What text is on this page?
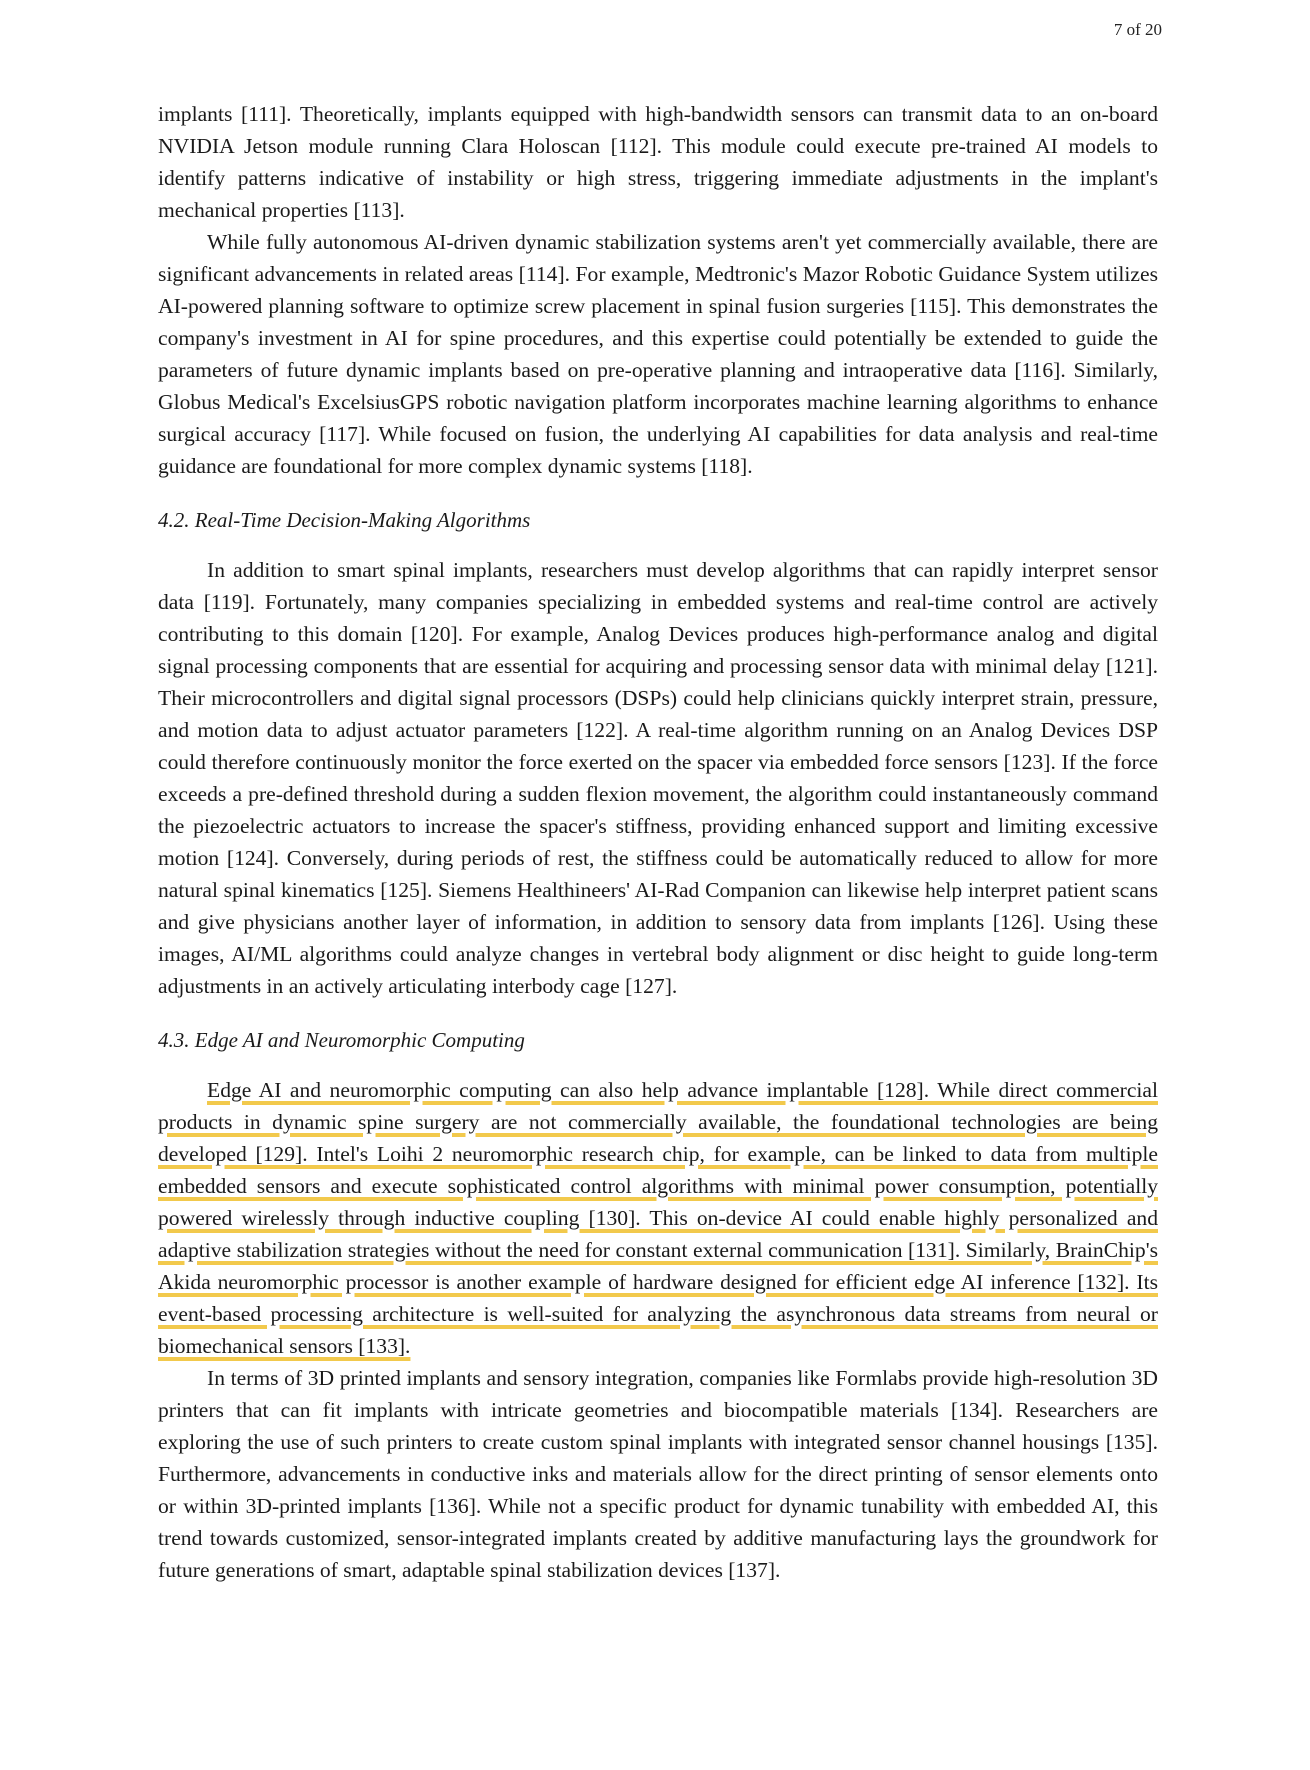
7 of 20

implants [111]. Theoretically, implants equipped with high-bandwidth sensors can transmit data to an on-board NVIDIA Jetson module running Clara Holoscan [112]. This module could execute pre-trained AI models to identify patterns indicative of instability or high stress, triggering immediate adjustments in the implant's mechanical properties [113].

While fully autonomous AI-driven dynamic stabilization systems aren't yet commercially available, there are significant advancements in related areas [114]. For example, Medtronic's Mazor Robotic Guidance System utilizes AI-powered planning software to optimize screw placement in spinal fusion surgeries [115]. This demonstrates the company's investment in AI for spine procedures, and this expertise could potentially be extended to guide the parameters of future dynamic implants based on pre-operative planning and intraoperative data [116]. Similarly, Globus Medical's ExcelsiusGPS robotic navigation platform incorporates machine learning algorithms to enhance surgical accuracy [117]. While focused on fusion, the underlying AI capabilities for data analysis and real-time guidance are foundational for more complex dynamic systems [118].

4.2. Real-Time Decision-Making Algorithms

In addition to smart spinal implants, researchers must develop algorithms that can rapidly interpret sensor data [119]. Fortunately, many companies specializing in embedded systems and real-time control are actively contributing to this domain [120]. For example, Analog Devices produces high-performance analog and digital signal processing components that are essential for acquiring and processing sensor data with minimal delay [121]. Their microcontrollers and digital signal processors (DSPs) could help clinicians quickly interpret strain, pressure, and motion data to adjust actuator parameters [122]. A real-time algorithm running on an Analog Devices DSP could therefore continuously monitor the force exerted on the spacer via embedded force sensors [123]. If the force exceeds a pre-defined threshold during a sudden flexion movement, the algorithm could instantaneously command the piezoelectric actuators to increase the spacer's stiffness, providing enhanced support and limiting excessive motion [124]. Conversely, during periods of rest, the stiffness could be automatically reduced to allow for more natural spinal kinematics [125]. Siemens Healthineers' AI-Rad Companion can likewise help interpret patient scans and give physicians another layer of information, in addition to sensory data from implants [126]. Using these images, AI/ML algorithms could analyze changes in vertebral body alignment or disc height to guide long-term adjustments in an actively articulating interbody cage [127].

4.3. Edge AI and Neuromorphic Computing

Edge AI and neuromorphic computing can also help advance implantable [128]. While direct commercial products in dynamic spine surgery are not commercially available, the foundational technologies are being developed [129]. Intel's Loihi 2 neuromorphic research chip, for example, can be linked to data from multiple embedded sensors and execute sophisticated control algorithms with minimal power consumption, potentially powered wirelessly through inductive coupling [130]. This on-device AI could enable highly personalized and adaptive stabilization strategies without the need for constant external communication [131]. Similarly, BrainChip's Akida neuromorphic processor is another example of hardware designed for efficient edge AI inference [132]. Its event-based processing architecture is well-suited for analyzing the asynchronous data streams from neural or biomechanical sensors [133].

In terms of 3D printed implants and sensory integration, companies like Formlabs provide high-resolution 3D printers that can fit implants with intricate geometries and biocompatible materials [134]. Researchers are exploring the use of such printers to create custom spinal implants with integrated sensor channel housings [135]. Furthermore, advancements in conductive inks and materials allow for the direct printing of sensor elements onto or within 3D-printed implants [136]. While not a specific product for dynamic tunability with embedded AI, this trend towards customized, sensor-integrated implants created by additive manufacturing lays the groundwork for future generations of smart, adaptable spinal stabilization devices [137].
